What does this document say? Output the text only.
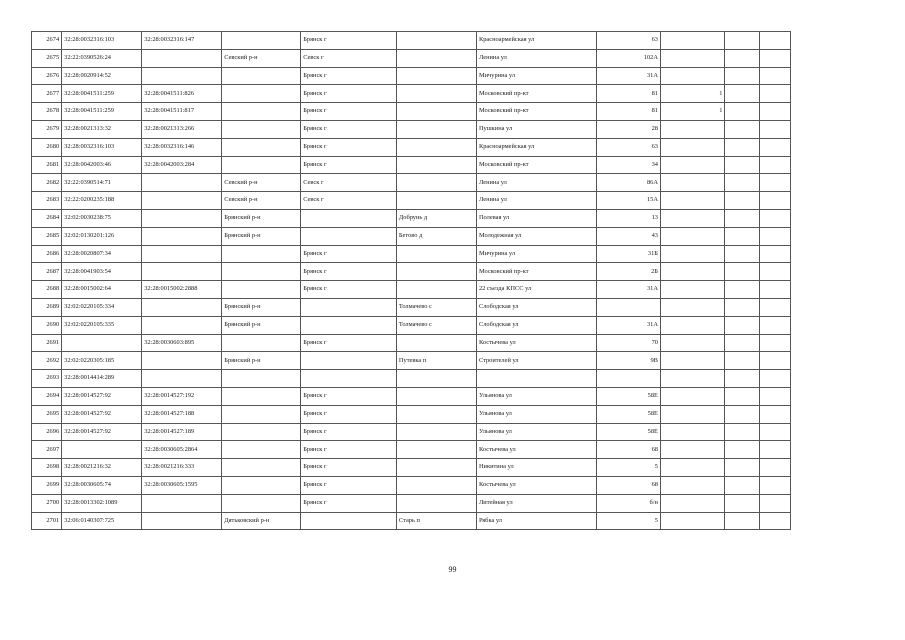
2674	32:28:0032316:103	32:28:0032316:147		Брянск г		Красноармейская ул	63			
2675	32:22:0390526:24		Севский р-н	Севск г		Ленина ул	102А			
2676	32:28:0020914:52			Брянск г		Мичурина ул	31А			
2677	32:28:0041511:259	32:28:0041511:826		Брянск г		Московский пр-кт	81	1		
2678	32:28:0041511:259	32:28:0041511:817		Брянск г		Московский пр-кт	81	1		
2679	32:28:0021313:32	32:28:0021313:266		Брянск г		Пушкина ул	28			
2680	32:28:0032316:103	32:28:0032316:146		Брянск г		Красноармейская ул	63			
2681	32:28:0042003:46	32:28:0042003:284		Брянск г		Московский пр-кт	34			
2682	32:22:0390514:71		Севский р-н	Севск г		Ленина ул	86А			
2683	32:22:0200235:188		Севский р-н	Севск г		Ленина ул	15А			
2684	32:02:0030238:75		Брянский р-н		Добрунь д	Полевая ул	13			
2685	32:02:0130201:126		Брянский р-н		Бетово д	Молодежная ул	43			
2686	32:28:0020807:34			Брянск г		Мичурина ул	31Б			
2687	32:28:0041903:54			Брянск г		Московский пр-кт	2Б			
2688	32:28:0015002:64	32:28:0015002:2888		Брянск г		22 съезда КПСС ул	31А			
2689	32:02:0220105:334		Брянский р-н		Толмачево с	Слободская ул				
2690	32:02:0220105:335		Брянский р-н		Толмачево с	Слободская ул	31А			
2691		32:28:0030603:895		Брянск г		Костычева ул	70			
2692	32:02:0220305:185		Брянский р-н		Путевка п	Строителей ул	9В			
2693	32:28:0014414:289									
2694	32:28:0014527:92	32:28:0014527:192		Брянск г		Ульянова ул	58Е			
2695	32:28:0014527:92	32:28:0014527:188		Брянск г		Ульянова ул	58Е			
2696	32:28:0014527:92	32:28:0014527:189		Брянск г		Ульянова ул	58Е			
2697		32:28:0030605:2864		Брянск г		Костычева ул	68			
2698	32:28:0021216:32	32:28:0021216:333		Брянск г		Никитина ул	5			
2699	32:28:0030605:74	32:28:0030605:1595		Брянск г		Костычева ул	68			
2700	32:28:0013302:1089			Брянск г		Литейная ул	б/н			
2701	32:06:0140307:725		Дятьковский р-н		Старь п	Рябка ул	5			
99
